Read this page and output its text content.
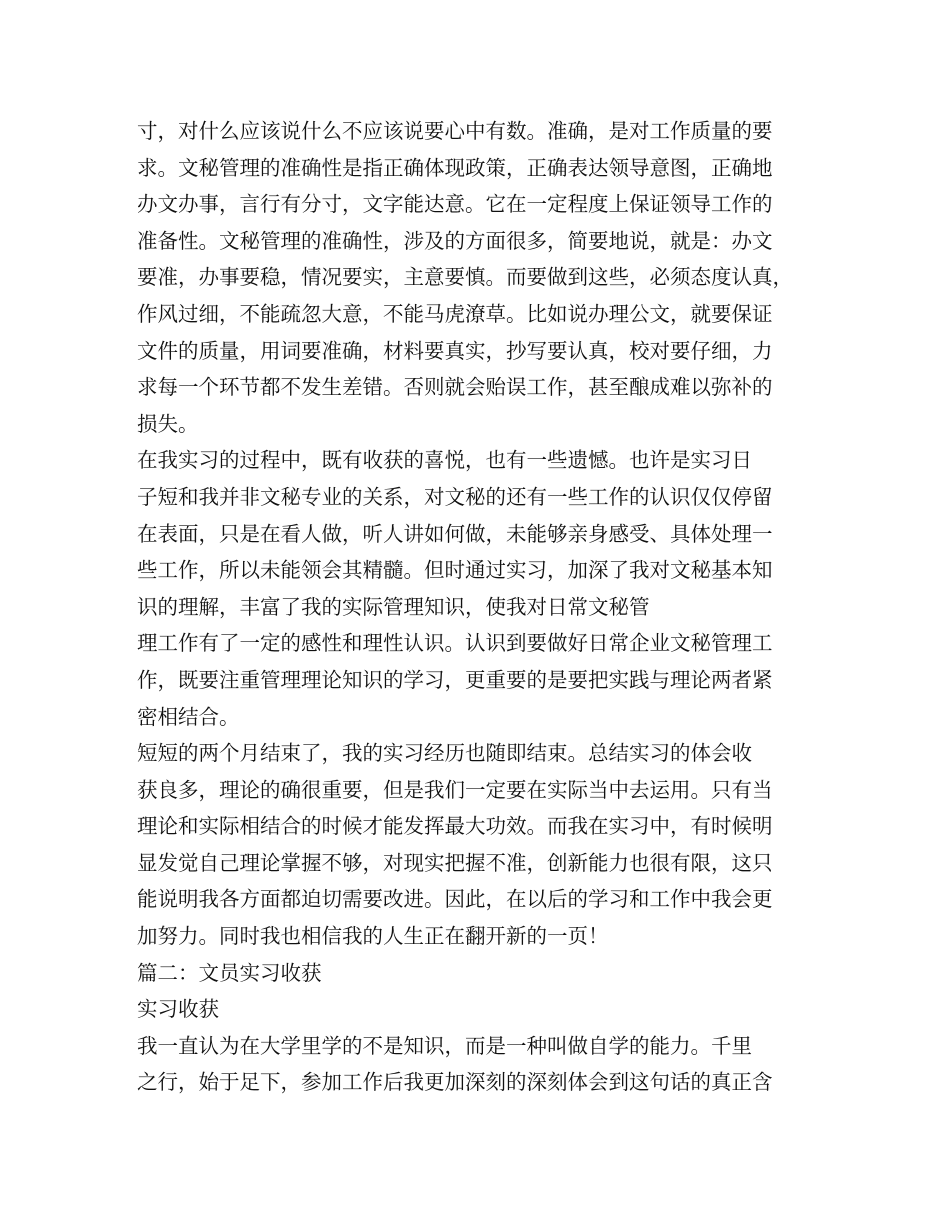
寸，对什么应该说什么不应该说要心中有数。准确，是对工作质量的要
求。文秘管理的准确性是指正确体现政策，正确表达领导意图，正确地
办文办事，言行有分寸，文字能达意。它在一定程度上保证领导工作的
准备性。文秘管理的准确性，涉及的方面很多，简要地说，就是：办文
要准，办事要稳，情况要实，主意要慎。而要做到这些，必须态度认真，
作风过细，不能疏忽大意，不能马虎潦草。比如说办理公文，就要保证
文件的质量，用词要准确，材料要真实，抄写要认真，校对要仔细，力
求每一个环节都不发生差错。否则就会贻误工作，甚至酿成难以弥补的
损失。
在我实习的过程中，既有收获的喜悦，也有一些遗憾。也许是实习日
子短和我并非文秘专业的关系，对文秘的还有一些工作的认识仅仅停留
在表面，只是在看人做，听人讲如何做，未能够亲身感受、具体处理一
些工作，所以未能领会其精髓。但时通过实习，加深了我对文秘基本知
识的理解，丰富了我的实际管理知识，使我对日常文秘管
理工作有了一定的感性和理性认识。认识到要做好日常企业文秘管理工
作，既要注重管理理论知识的学习，更重要的是要把实践与理论两者紧
密相结合。
短短的两个月结束了，我的实习经历也随即结束。总结实习的体会收
获良多，理论的确很重要，但是我们一定要在实际当中去运用。只有当
理论和实际相结合的时候才能发挥最大功效。而我在实习中，有时候明
显发觉自己理论掌握不够，对现实把握不准，创新能力也很有限，这只
能说明我各方面都迫切需要改进。因此，在以后的学习和工作中我会更
加努力。同时我也相信我的人生正在翻开新的一页！
篇二：文员实习收获
实习收获
我一直认为在大学里学的不是知识，而是一种叫做自学的能力。千里
之行，始于足下，参加工作后我更加深刻的深刻体会到这句话的真正含
